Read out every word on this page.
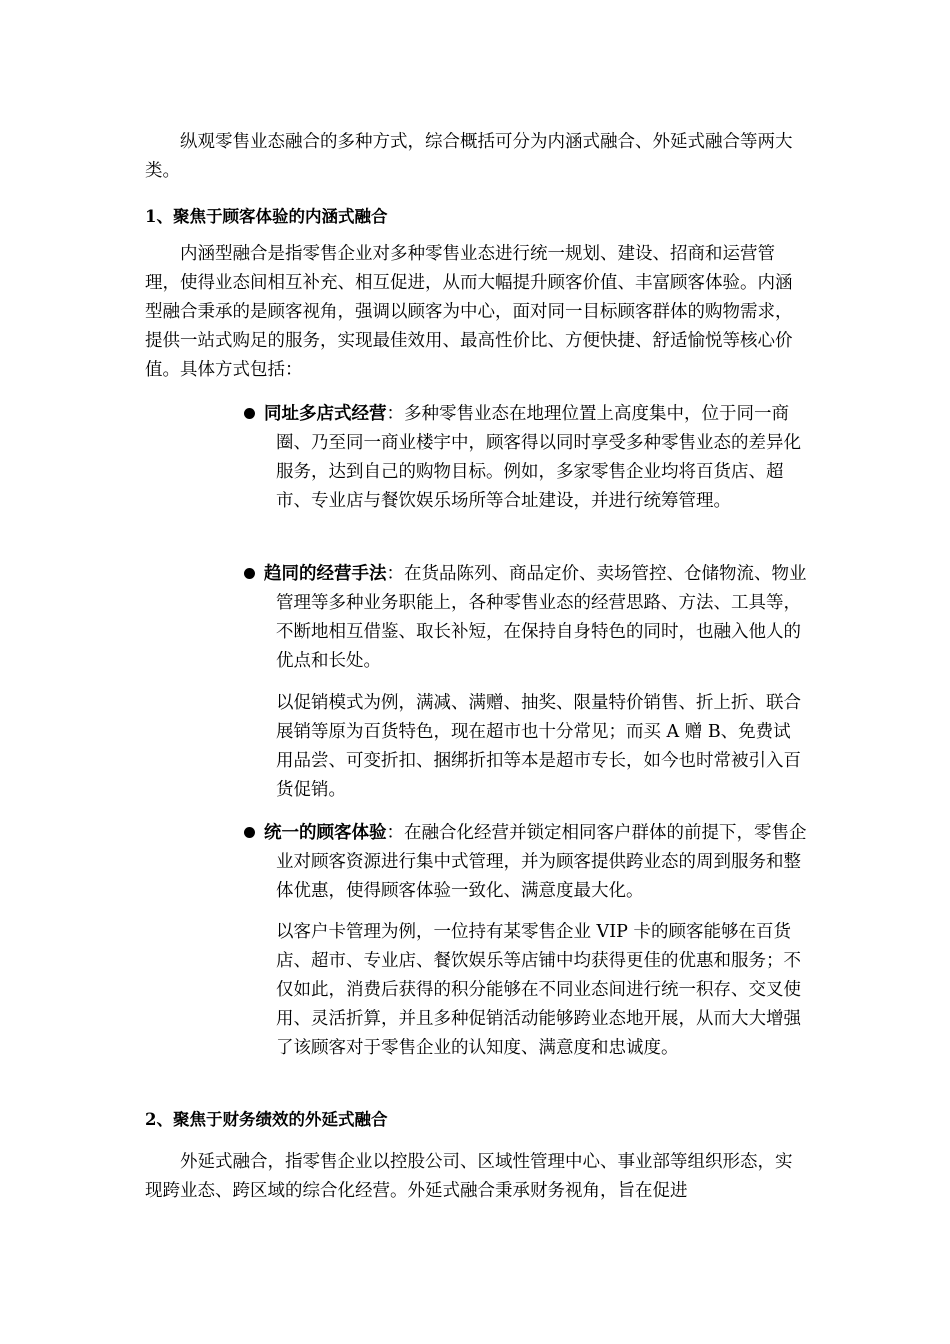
纵观零售业态融合的多种方式，综合概括可分为内涵式融合、外延式融合等两大类。

1、聚焦于顾客体验的内涵式融合

内涵型融合是指零售企业对多种零售业态进行统一规划、建设、招商和运营管理，使得业态间相互补充、相互促进，从而大幅提升顾客价值、丰富顾客体验。内涵型融合秉承的是顾客视角，强调以顾客为中心，面对同一目标顾客群体的购物需求，提供一站式购足的服务，实现最佳效用、最高性价比、方便快捷、舒适愉悦等核心价值。具体方式包括：

同址多店式经营：多种零售业态在地理位置上高度集中，位于同一商圈、乃至同一商业楼宇中，顾客得以同时享受多种零售业态的差异化服务，达到自己的购物目标。例如，多家零售企业均将百货店、超市、专业店与餐饮娱乐场所等合址建设，并进行统筹管理。
趋同的经营手法：在货品陈列、商品定价、卖场管控、仓储物流、物业管理等多种业务职能上，各种零售业态的经营思路、方法、工具等，不断地相互借鉴、取长补短，在保持自身特色的同时，也融入他人的优点和长处。

以促销模式为例，满减、满赠、抽奖、限量特价销售、折上折、联合展销等原为百货特色，现在超市也十分常见；而买 A 赠 B、免费试用品尝、可变折扣、捆绑折扣等本是超市专长，如今也时常被引入百货促销。

统一的顾客体验：在融合化经营并锁定相同客户群体的前提下，零售企业对顾客资源进行集中式管理，并为顾客提供跨业态的周到服务和整体优惠，使得顾客体验一致化、满意度最大化。

以客户卡管理为例，一位持有某零售企业 VIP 卡的顾客能够在百货店、超市、专业店、餐饮娱乐等店铺中均获得更佳的优惠和服务；不仅如此，消费后获得的积分能够在不同业态间进行统一积存、交叉使用、灵活折算，并且多种促销活动能够跨业态地开展，从而大大增强了该顾客对于零售企业的认知度、满意度和忠诚度。

2、聚焦于财务绩效的外延式融合

外延式融合，指零售企业以控股公司、区域性管理中心、事业部等组织形态，实现跨业态、跨区域的综合化经营。外延式融合秉承财务视角，旨在促进
